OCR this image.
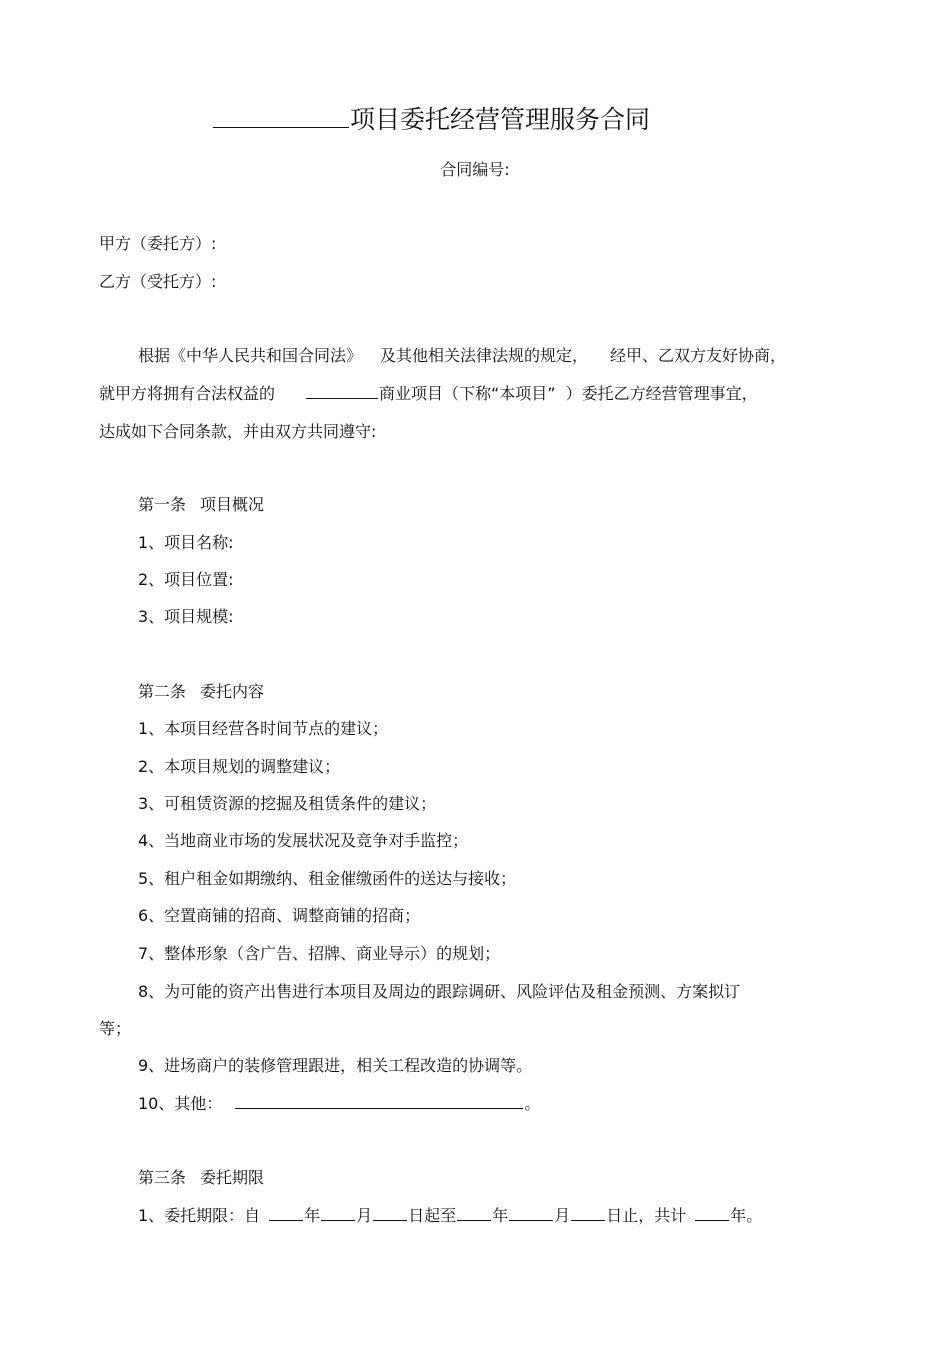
项目委托经营管理服务合同
合同编号:
甲方（委托方）:
乙方（受托方）:
根据《中华人民共和国合同法》 及其他相关法律法规的规定， 经甲、乙双方友好协商，
就甲方将拥有合法权益的	商业项目（下称“本项目” ）委托乙方经营管理事宜，
达成如下合同条款，并由双方共同遵守:
第一条 项目概况
1、项目名称:
2、项目位置:
3、项目规模:
第二条 委托内容
1、本项目经营各时间节点的建议；
2、本项目规划的调整建议；
3、可租赁资源的挖掘及租赁条件的建议；
4、当地商业市场的发展状况及竞争对手监控；
5、租户租金如期缴纳、租金催缴函件的送达与接收；
6、空置商铺的招商、调整商铺的招商；
7、整体形象（含广告、招牌、商业导示）的规划；
8、为可能的资产出售进行本项目及周边的跟踪调研、风险评估及租金预测、方案拟订
等；
9、进场商户的装修管理跟进，相关工程改造的协调等。
10、其他：	。
第三条 委托期限
1、委托期限：自	年 月 日起至 年	月 日止，共计	年。
